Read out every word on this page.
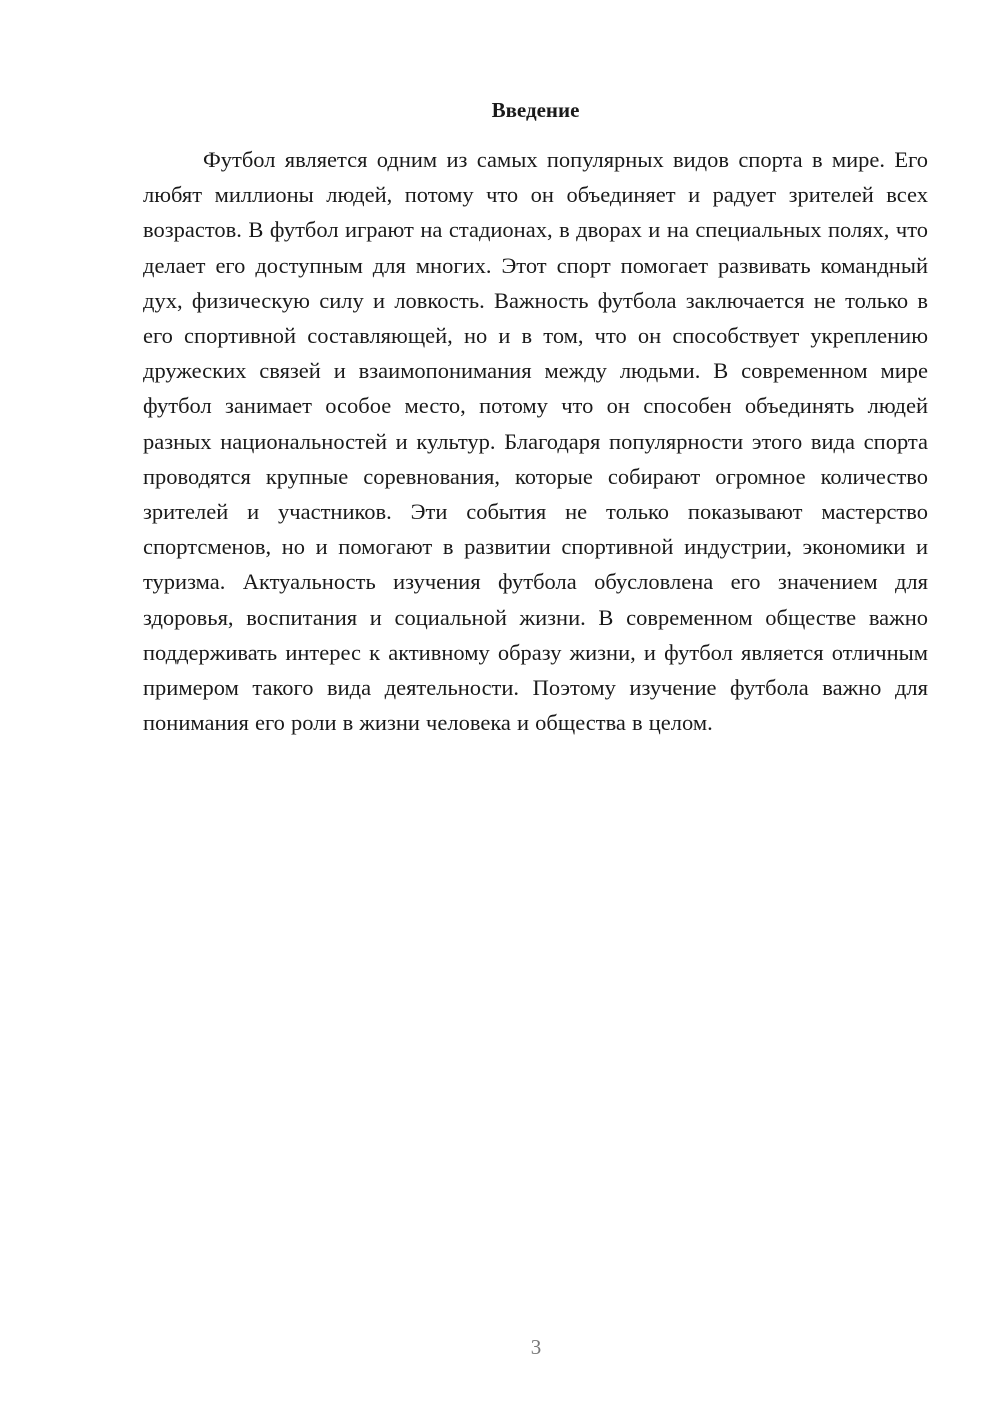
Введение

Футбол является одним из самых популярных видов спорта в мире. Его любят миллионы людей, потому что он объединяет и радует зрителей всех возрастов. В футбол играют на стадионах, в дворах и на специальных полях, что делает его доступным для многих. Этот спорт помогает развивать командный дух, физическую силу и ловкость. Важность футбола заключается не только в его спортивной составляющей, но и в том, что он способствует укреплению дружеских связей и взаимопонимания между людьми. В современном мире футбол занимает особое место, потому что он способен объединять людей разных национальностей и культур. Благодаря популярности этого вида спорта проводятся крупные соревнования, которые собирают огромное количество зрителей и участников. Эти события не только показывают мастерство спортсменов, но и помогают в развитии спортивной индустрии, экономики и туризма. Актуальность изучения футбола обусловлена его значением для здоровья, воспитания и социальной жизни. В современном обществе важно поддерживать интерес к активному образу жизни, и футбол является отличным примером такого вида деятельности. Поэтому изучение футбола важно для понимания его роли в жизни человека и общества в целом.

3
